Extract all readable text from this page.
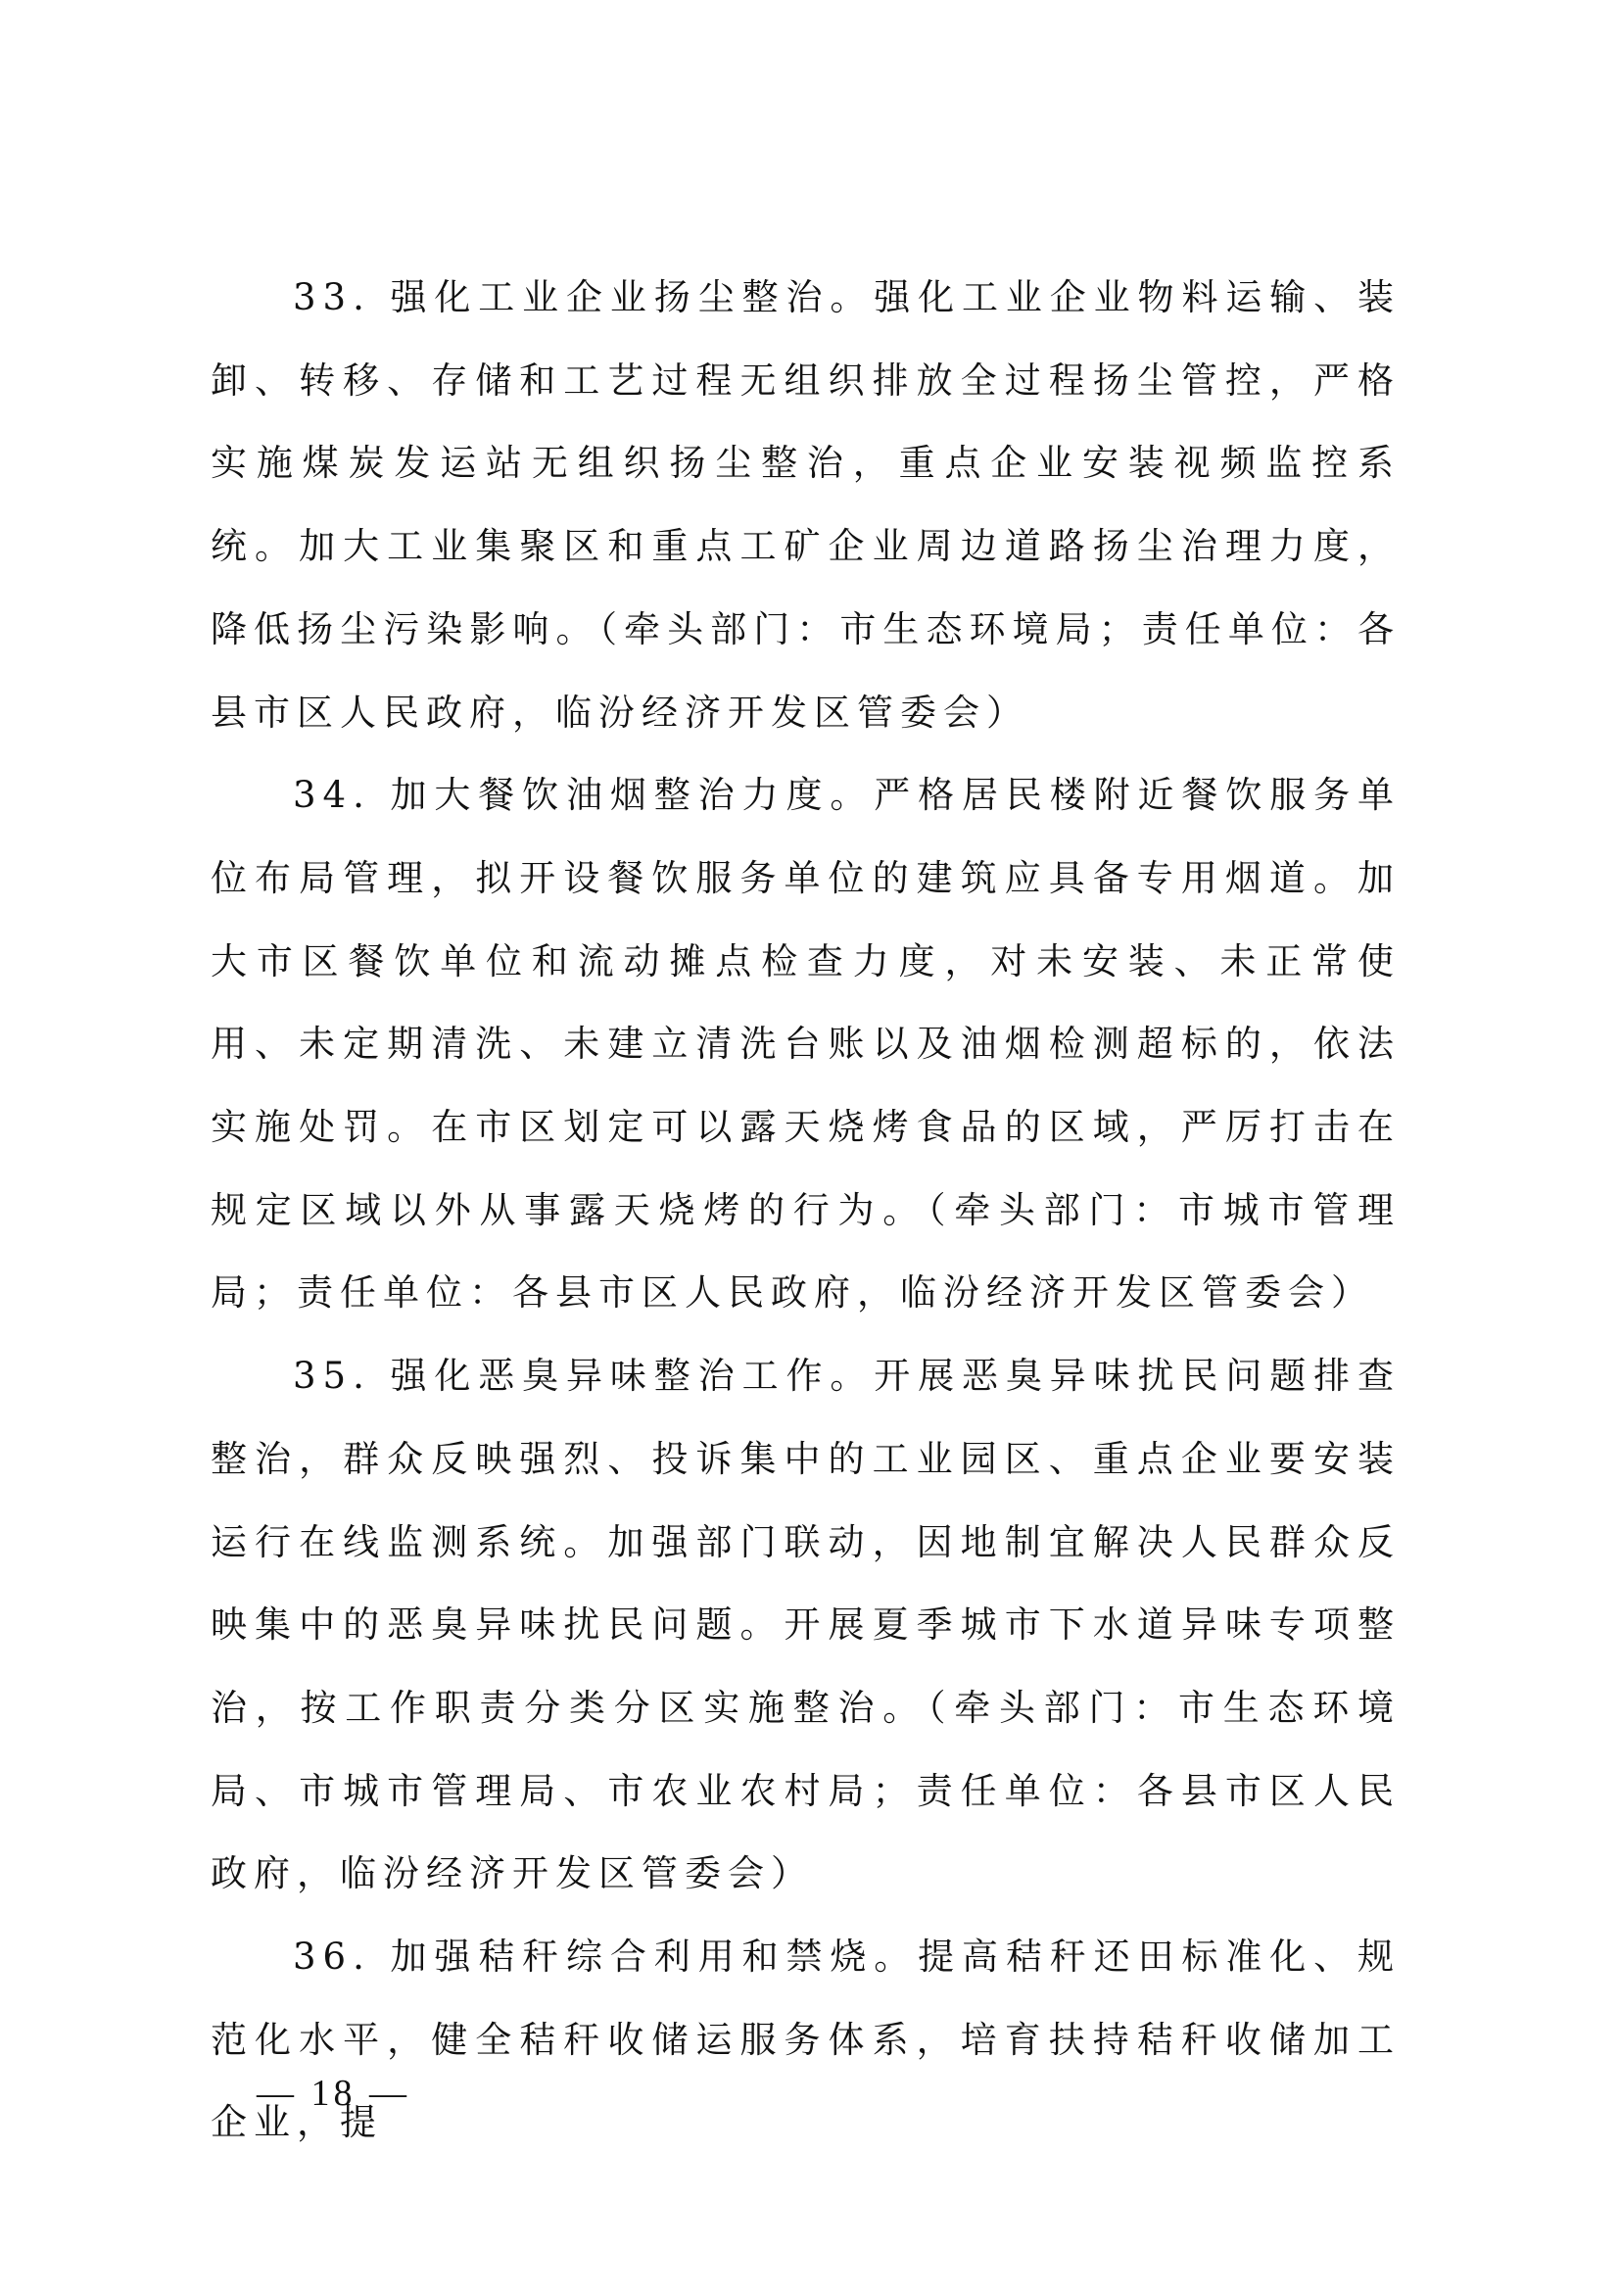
33. 强化工业企业扬尘整治。强化工业企业物料运输、装卸、转移、存储和工艺过程无组织排放全过程扬尘管控，严格实施煤炭发运站无组织扬尘整治，重点企业安装视频监控系统。加大工业集聚区和重点工矿企业周边道路扬尘治理力度，降低扬尘污染影响。（牵头部门：市生态环境局；责任单位：各县市区人民政府，临汾经济开发区管委会）

34. 加大餐饮油烟整治力度。严格居民楼附近餐饮服务单位布局管理，拟开设餐饮服务单位的建筑应具备专用烟道。加大市区餐饮单位和流动摊点检查力度，对未安装、未正常使用、未定期清洗、未建立清洗台账以及油烟检测超标的，依法实施处罚。在市区划定可以露天烧烤食品的区域，严厉打击在规定区域以外从事露天烧烤的行为。（牵头部门：市城市管理局；责任单位：各县市区人民政府，临汾经济开发区管委会）

35. 强化恶臭异味整治工作。开展恶臭异味扰民问题排查整治，群众反映强烈、投诉集中的工业园区、重点企业要安装运行在线监测系统。加强部门联动，因地制宜解决人民群众反映集中的恶臭异味扰民问题。开展夏季城市下水道异味专项整治，按工作职责分类分区实施整治。（牵头部门：市生态环境局、市城市管理局、市农业农村局；责任单位：各县市区人民政府，临汾经济开发区管委会）

36. 加强秸秆综合利用和禁烧。提高秸秆还田标准化、规范化水平，健全秸秆收储运服务体系，培育扶持秸秆收储加工企业，提

— 18 —
